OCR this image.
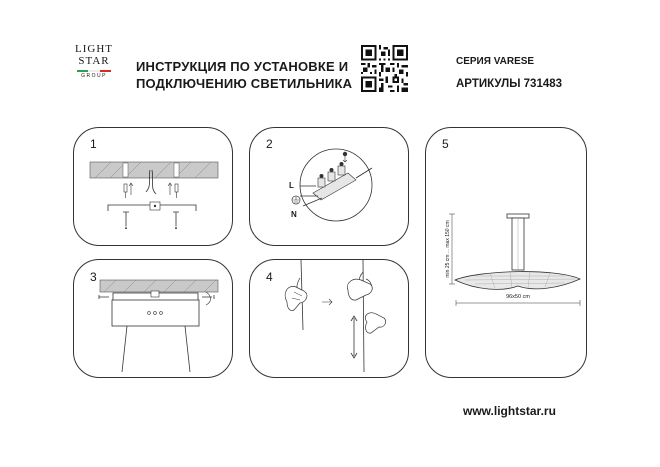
LIGHT
STAR
GROUP
ИНСТРУКЦИЯ ПО УСТАНОВКЕ И
ПОДКЛЮЧЕНИЮ СВЕТИЛЬНИКА
СЕРИЯ VARESE
АРТИКУЛЫ 731483
1	2
L
N
3	4
5
min 25 cm ... max 150 cm
96x50 cm
www.lightstar.ru
